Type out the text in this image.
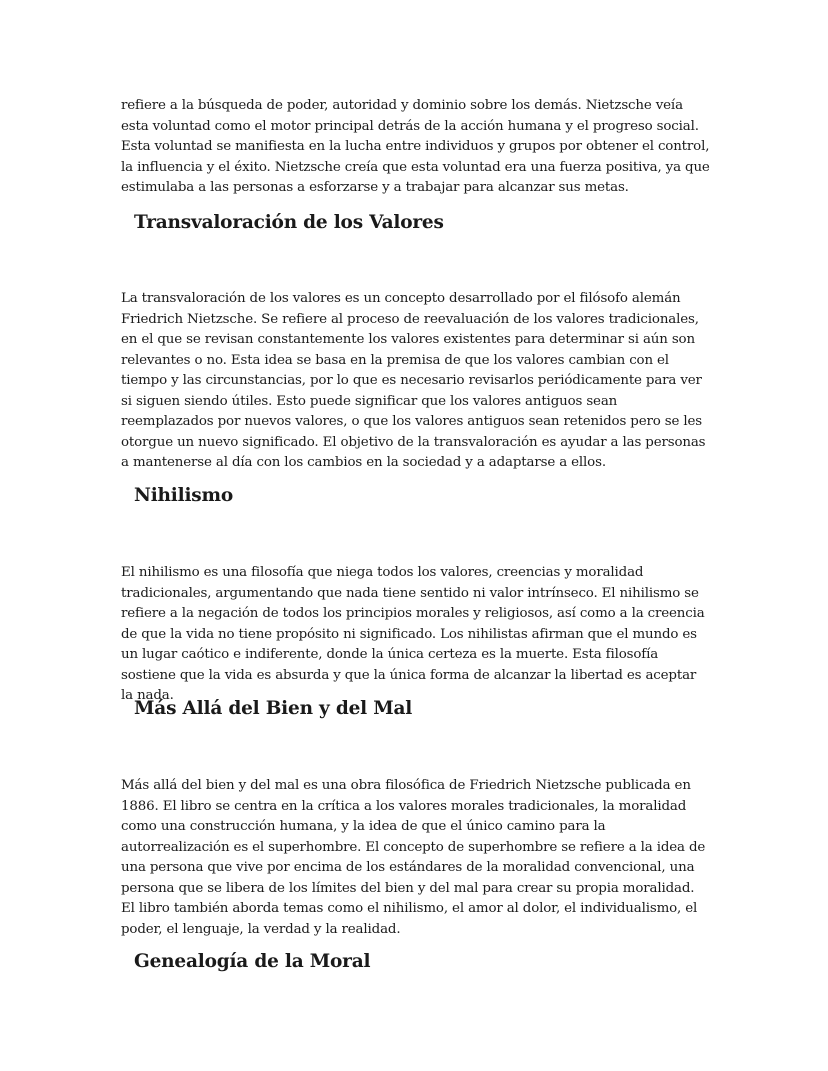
refiere a la búsqueda de poder, autoridad y dominio sobre los demás. Nietzsche veía esta voluntad como el motor principal detrás de la acción humana y el progreso social. Esta voluntad se manifiesta en la lucha entre individuos y grupos por obtener el control, la influencia y el éxito. Nietzsche creía que esta voluntad era una fuerza positiva, ya que estimulaba a las personas a esforzarse y a trabajar para alcanzar sus metas.

Transvaloración de los Valores

La transvaloración de los valores es un concepto desarrollado por el filósofo alemán Friedrich Nietzsche. Se refiere al proceso de reevaluación de los valores tradicionales, en el que se revisan constantemente los valores existentes para determinar si aún son relevantes o no. Esta idea se basa en la premisa de que los valores cambian con el tiempo y las circunstancias, por lo que es necesario revisarlos periódicamente para ver si siguen siendo útiles. Esto puede significar que los valores antiguos sean reemplazados por nuevos valores, o que los valores antiguos sean retenidos pero se les otorgue un nuevo significado. El objetivo de la transvaloración es ayudar a las personas a mantenerse al día con los cambios en la sociedad y a adaptarse a ellos.

Nihilismo

El nihilismo es una filosofía que niega todos los valores, creencias y moralidad tradicionales, argumentando que nada tiene sentido ni valor intrínseco. El nihilismo se refiere a la negación de todos los principios morales y religiosos, así como a la creencia de que la vida no tiene propósito ni significado. Los nihilistas afirman que el mundo es un lugar caótico e indiferente, donde la única certeza es la muerte. Esta filosofía sostiene que la vida es absurda y que la única forma de alcanzar la libertad es aceptar la nada.

Más Allá del Bien y del Mal

Más allá del bien y del mal es una obra filosófica de Friedrich Nietzsche publicada en 1886. El libro se centra en la crítica a los valores morales tradicionales, la moralidad como una construcción humana, y la idea de que el único camino para la autorrealización es el superhombre. El concepto de superhombre se refiere a la idea de una persona que vive por encima de los estándares de la moralidad convencional, una persona que se libera de los límites del bien y del mal para crear su propia moralidad. El libro también aborda temas como el nihilismo, el amor al dolor, el individualismo, el poder, el lenguaje, la verdad y la realidad.

Genealogía de la Moral
